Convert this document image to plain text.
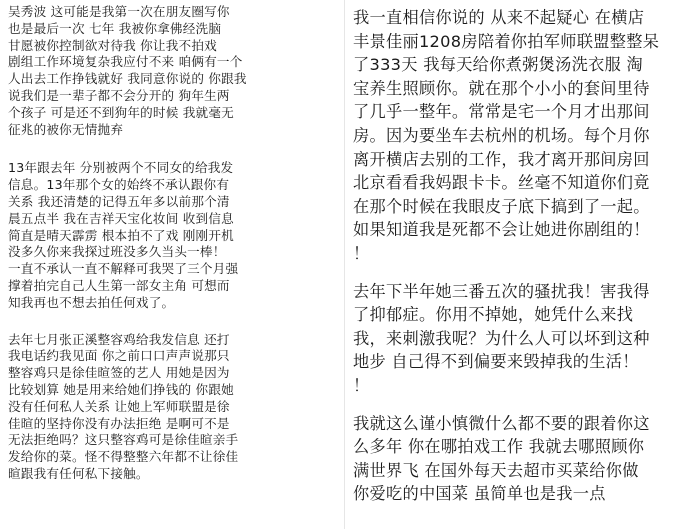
吴秀波 这可能是我第一次在朋友圈写你
也是最后一次 七年 我被你拿佛经洗脑
甘愿被你控制欲对待我 你让我不拍戏
剧组工作环境复杂我应付不来 咱俩有一个
人出去工作挣钱就好 我同意你说的 你跟我
说我们是一辈子都不会分开的 狗年生两
个孩子 可是还不到狗年的时候 我就毫无
征兆的被你无情抛弃

13年跟去年 分别被两个不同女的给我发
信息。13年那个女的始终不承认跟你有
关系 我还清楚的记得五年多以前那个清
晨五点半 我在吉祥天宝化妆间 收到信息
简直是晴天霹雳 根本拍不了戏 刚刚开机
没多久你来我探过班没多久当头一棒！
一直不承认一直不解释可我哭了三个月强
撑着拍完自己人生第一部女主角 可想而
知我再也不想去拍任何戏了。

去年七月张正溪整容鸡给我发信息 还打
我电话约我见面 你之前口口声声说那只
整容鸡只是徐佳暄签的艺人 用她是因为
比较划算 她是用来给她们挣钱的 你跟她
没有任何私人关系 让她上军师联盟是徐
佳暄的坚持你没有办法拒绝 是啊可不是
无法拒绝吗？这只整容鸡可是徐佳暄亲手
发给你的菜。怪不得整整六年都不让徐佳
暄跟我有任何私下接触。

我一直相信你说的 从来不起疑心 在横店
丰景佳丽1208房陪着你拍军师联盟整整呆
了333天 我每天给你煮粥煲汤洗衣服 淘
宝养生照顾你。就在那个小小的套间里待
了几乎一整年。常常是宅一个月才出那间
房。因为要坐车去杭州的机场。每个月你
离开横店去别的工作，我才离开那间房回
北京看看我妈跟卡卡。丝毫不知道你们竟
在那个时候在我眼皮子底下搞到了一起。
如果知道我是死都不会让她进你剧组的！
！

去年下半年她三番五次的骚扰我！害我得
了抑郁症。你用不掉她，她凭什么来找
我，来刺激我呢？为什么人可以坏到这种
地步 自己得不到偏要来毁掉我的生活！
！

我就这么谨小慎微什么都不要的跟着你这
么多年 你在哪拍戏工作 我就去哪照顾你
满世界飞 在国外每天去超市买菜给你做
你爱吃的中国菜 虽简单也是我一点
